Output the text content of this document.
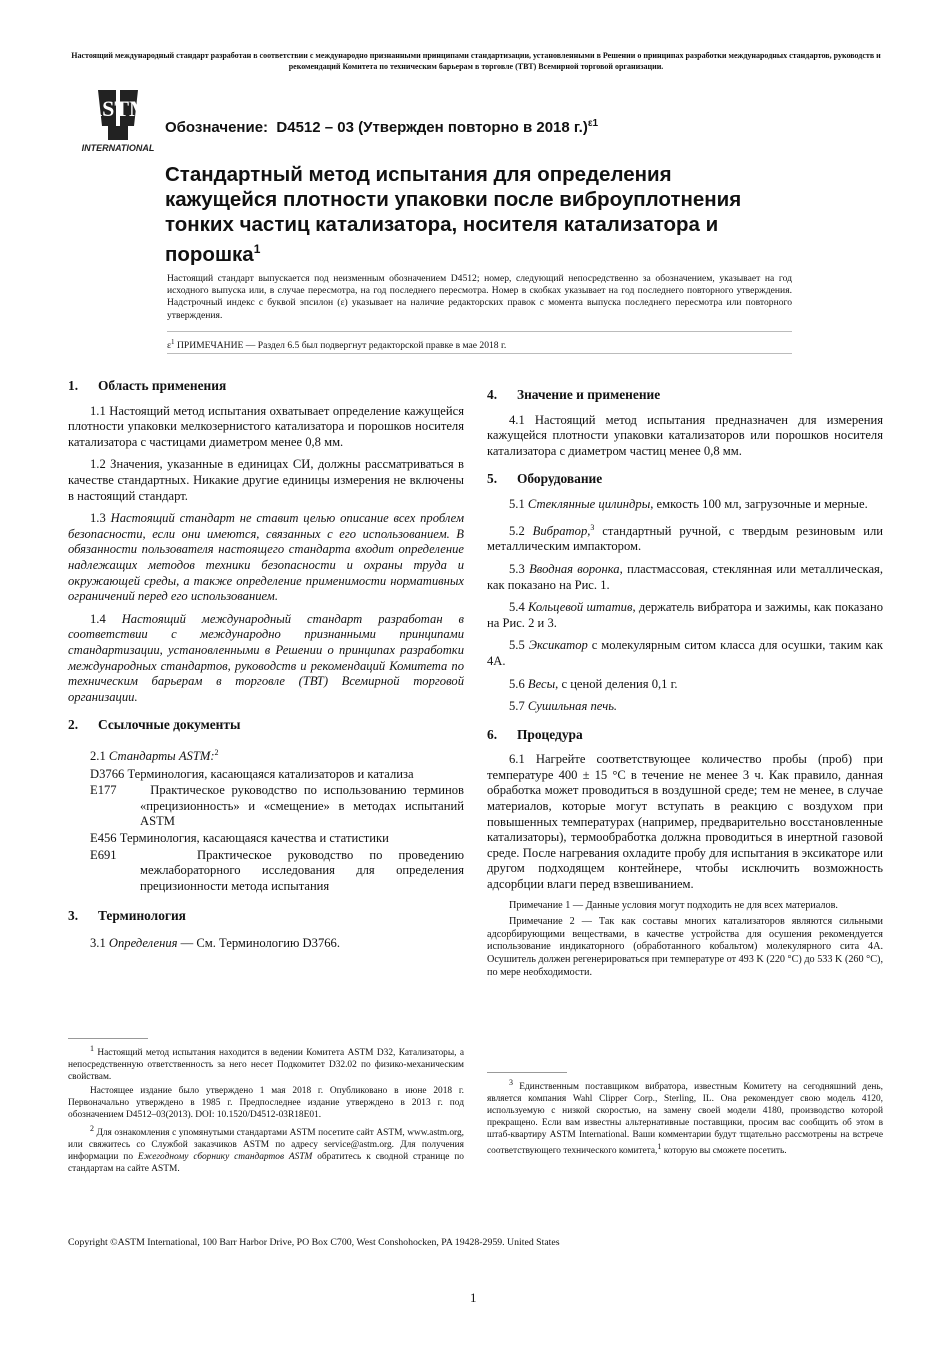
Настоящий международный стандарт разработан в соответствии с международно признанными принципами стандартизации, установленными в Решении о принципах разработки международных стандартов, руководств и рекомендаций Комитета по техническим барьерам в торговле (ТВТ) Всемирной торговой организации.
ASTM
INTERNATIONAL
Обозначение: D4512 – 03 (Утвержден повторно в 2018 г.)$^{\varepsilon 1}$
Стандартный метод испытания для определения кажущейся плотности упаковки после виброуплотнения тонких частиц катализатора, носителя катализатора и порошка$^1$
Настоящий стандарт выпускается под неизменным обозначением D4512; номер, следующий непосредственно за обозначением, указывает на год исходного выпуска или, в случае пересмотра, на год последнего пересмотра. Номер в скобках указывает на год последнего повторного утверждения. Надстрочный индекс с буквой эпсилон (ε) указывает на наличие редакторских правок с момента выпуска последнего пересмотра или повторного утверждения.
$\varepsilon^1$ ПРИМЕЧАНИЕ — Раздел 6.5 был подвергнут редакторской правке в мае 2018 г.
1. Область применения

1.1 Настоящий метод испытания охватывает определение кажущейся плотности упаковки мелкозернистого катализатора и порошков носителя катализатора с частицами диаметром менее 0,8 мм.

1.2 Значения, указанные в единицах СИ, должны рассматриваться в качестве стандартных. Никакие другие единицы измерения не включены в настоящий стандарт.

1.3 Настоящий стандарт не ставит целью описание всех проблем безопасности, если они имеются, связанных с его использованием. В обязанности пользователя настоящего стандарта входит определение надлежащих методов техники безопасности и охраны труда и окружающей среды, а также определение применимости нормативных ограничений перед его использованием.

1.4 Настоящий международный стандарт разработан в соответствии с международно признанными принципами стандартизации, установленными в Решении о принципах разработки международных стандартов, руководств и рекомендаций Комитета по техническим барьерам в торговле (ТВТ) Всемирной торговой организации.

2. Ссылочные документы

2.1 Стандарты ASTM:$^2$

D3766 Терминология, касающаяся катализаторов и катализа
E177	Практическое руководство по использованию терминов «прецизионность» и «смещение» в методах испытаний ASTM
E456 Терминология, касающаяся качества и статистики
E691	Практическое руководство по проведению межлабораторного исследования для определения прецизионности метода испытания
3. Терминология

3.1 Определения — См. Терминологию D3766.

$^1$ Настоящий метод испытания находится в ведении Комитета ASTM D32, Катализаторы, а непосредственную ответственность за него несет Подкомитет D32.02 по физико-механическим свойствам.

Настоящее издание было утверждено 1 мая 2018 г. Опубликовано в июне 2018 г. Первоначально утверждено в 1985 г. Предпоследнее издание утверждено в 2013 г. под обозначением D4512–03(2013). DOI: 10.1520/D4512-03R18E01.

$^2$ Для ознакомления с упомянутыми стандартами ASTM посетите сайт ASTM, www.astm.org, или свяжитесь со Службой заказчиков ASTM по адресу service@astm.org. Для получения информации по Ежегодному сборнику стандартов ASTM обратитесь к сводной странице по стандартам на сайте ASTM.

4. Значение и применение

4.1 Настоящий метод испытания предназначен для измерения кажущейся плотности упаковки катализаторов или порошков носителя катализатора с диаметром частиц менее 0,8 мм.

5. Оборудование

5.1 Стеклянные цилиндры, емкость 100 мл, загрузочные и мерные.

5.2 Вибратор,$^3$ стандартный ручной, с твердым резиновым или металлическим импактором.

5.3 Вводная воронка, пластмассовая, стеклянная или металлическая, как показано на Рис. 1.

5.4 Кольцевой штатив, держатель вибратора и зажимы, как показано на Рис. 2 и 3.

5.5 Эксикатор с молекулярным ситом класса для осушки, таким как 4А.

5.6 Весы, с ценой деления 0,1 г.

5.7 Сушильная печь.

6. Процедура

6.1 Нагрейте соответствующее количество пробы (проб) при температуре 400 ± 15 °С в течение не менее 3 ч. Как правило, данная обработка может проводиться в воздушной среде; тем не менее, в случае материалов, которые могут вступать в реакцию с воздухом при повышенных температурах (например, предварительно восстановленные катализаторы), термообработка должна проводиться в инертной газовой среде. После нагревания охладите пробу для испытания в эксикаторе или другом подходящем контейнере, чтобы исключить возможность адсорбции влаги перед взвешиванием.

Примечание 1 — Данные условия могут подходить не для всех материалов.

Примечание 2 — Так как составы многих катализаторов являются сильными адсорбирующими веществами, в качестве устройства для осушения рекомендуется использование индикаторного (обработанного кобальтом) молекулярного сита 4А. Осушитель должен регенерироваться при температуре от 493 K (220 °С) до 533 K (260 °С), по мере необходимости.

$^3$ Единственным поставщиком вибратора, известным Комитету на сегодняшний день, является компания Wahl Clipper Corp., Sterling, IL. Она рекомендует свою модель 4120, используемую с низкой скоростью, на замену своей модели 4180, производство которой прекращено. Если вам известны альтернативные поставщики, просим вас сообщить об этом в штаб-квартиру ASTM International. Ваши комментарии будут тщательно рассмотрены на встрече соответствующего технического комитета,$^1$ которую вы сможете посетить.

Copyright ©ASTM International, 100 Barr Harbor Drive, PO Box C700, West Conshohocken, PA 19428-2959. United States
1
